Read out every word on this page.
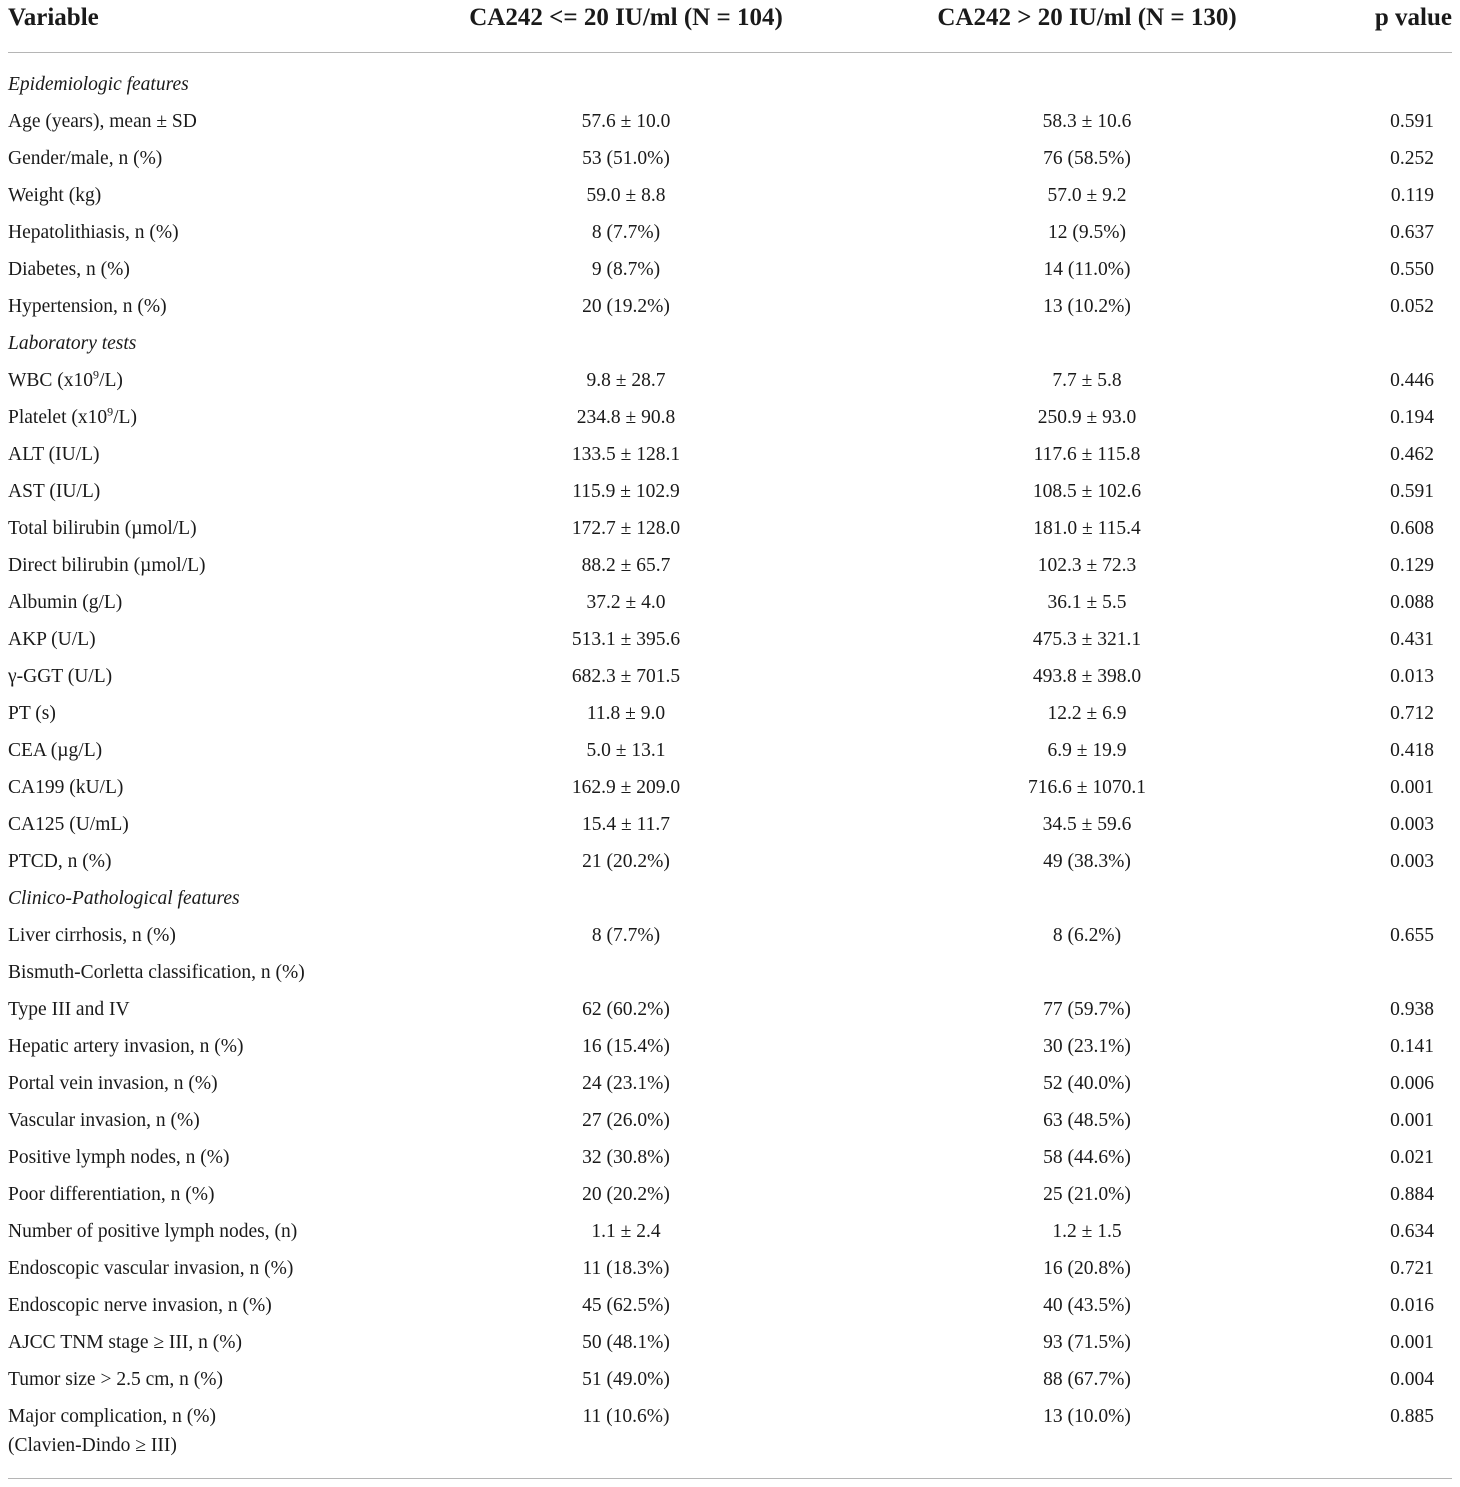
Variable	CA242 <= 20 IU/ml (N = 104)	CA242 > 20 IU/ml (N = 130)	p value
Epidemiologic features			
Age (years), mean ± SD	57.6 ± 10.0	58.3 ± 10.6	0.591
Gender/male, n (%)	53 (51.0%)	76 (58.5%)	0.252
Weight (kg)	59.0 ± 8.8	57.0 ± 9.2	0.119
Hepatolithiasis, n (%)	8 (7.7%)	12 (9.5%)	0.637
Diabetes, n (%)	9 (8.7%)	14 (11.0%)	0.550
Hypertension, n (%)	20 (19.2%)	13 (10.2%)	0.052
Laboratory tests			
WBC $(x10^9/L)$	9.8 ± 28.7	7.7 ± 5.8	0.446
Platelet $(x10^9/L)$	234.8 ± 90.8	250.9 ± 93.0	0.194
ALT (IU/L)	133.5 ± 128.1	117.6 ± 115.8	0.462
AST (IU/L)	115.9 ± 102.9	108.5 ± 102.6	0.591
Total bilirubin (µmol/L)	172.7 ± 128.0	181.0 ± 115.4	0.608
Direct bilirubin (µmol/L)	88.2 ± 65.7	102.3 ± 72.3	0.129
Albumin (g/L)	37.2 ± 4.0	36.1 ± 5.5	0.088
AKP (U/L)	513.1 ± 395.6	475.3 ± 321.1	0.431
γ-GGT (U/L)	682.3 ± 701.5	493.8 ± 398.0	0.013
PT (s)	11.8 ± 9.0	12.2 ± 6.9	0.712
CEA (µg/L)	5.0 ± 13.1	6.9 ± 19.9	0.418
CA199 (kU/L)	162.9 ± 209.0	716.6 ± 1070.1	0.001
CA125 (U/mL)	15.4 ± 11.7	34.5 ± 59.6	0.003
PTCD, n (%)	21 (20.2%)	49 (38.3%)	0.003
Clinico-Pathological features			
Liver cirrhosis, n (%)	8 (7.7%)	8 (6.2%)	0.655
Bismuth-Corletta classification, n (%)			
Type III and IV	62 (60.2%)	77 (59.7%)	0.938
Hepatic artery invasion, n (%)	16 (15.4%)	30 (23.1%)	0.141
Portal vein invasion, n (%)	24 (23.1%)	52 (40.0%)	0.006
Vascular invasion, n (%)	27 (26.0%)	63 (48.5%)	0.001
Positive lymph nodes, n (%)	32 (30.8%)	58 (44.6%)	0.021
Poor differentiation, n (%)	20 (20.2%)	25 (21.0%)	0.884
Number of positive lymph nodes, (n)	1.1 ± 2.4	1.2 ± 1.5	0.634
Endoscopic vascular invasion, n (%)	11 (18.3%)	16 (20.8%)	0.721
Endoscopic nerve invasion, n (%)	45 (62.5%)	40 (43.5%)	0.016
AJCC TNM stage ≥ III, n (%)	50 (48.1%)	93 (71.5%)	0.001
Tumor size > 2.5 cm, n (%)	51 (49.0%)	88 (67.7%)	0.004

Major complication, n (%)
(Clavien-Dindo ≥ III)	11 (10.6%)	13 (10.0%)	0.885
